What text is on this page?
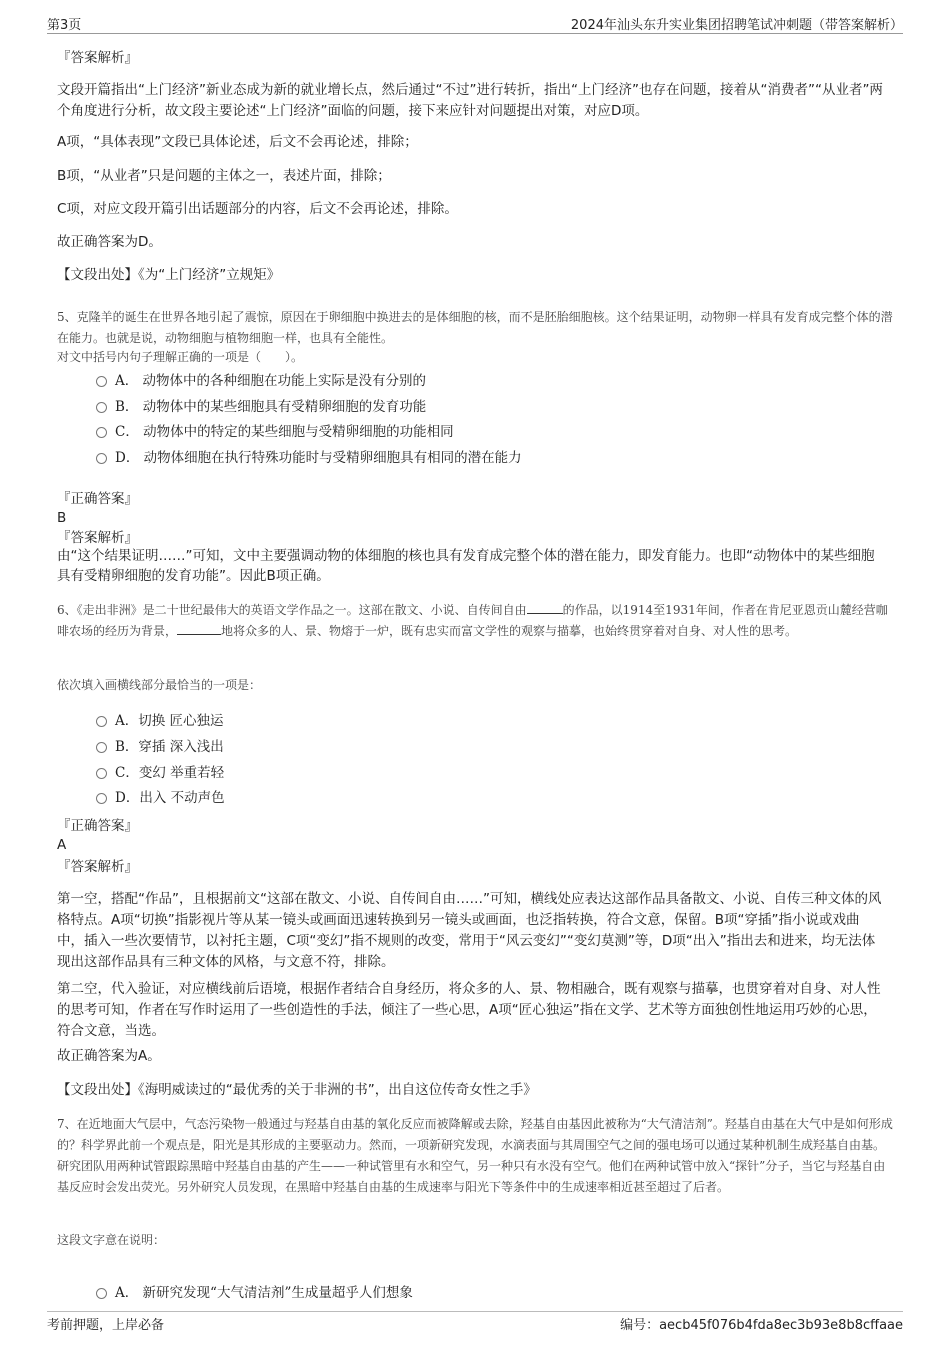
第3页	2024年汕头东升实业集团招聘笔试冲刺题（带答案解析）
『答案解析』
文段开篇指出“上门经济”新业态成为新的就业增长点，然后通过“不过”进行转折，指出“上门经济”也存在问题，接着从“消费者”“从业者”两个角度进行分析，故文段主要论述“上门经济”面临的问题，接下来应针对问题提出对策，对应D项。
A项，“具体表现”文段已具体论述，后文不会再论述，排除；
B项，“从业者”只是问题的主体之一，表述片面，排除；
C项，对应文段开篇引出话题部分的内容，后文不会再论述，排除。
故正确答案为D。
【文段出处】《为“上门经济”立规矩》
5、克隆羊的诞生在世界各地引起了震惊，原因在于卵细胞中换进去的是体细胞的核，而不是胚胎细胞核。这个结果证明，动物卵一样具有发育成完整个体的潜在能力。也就是说，动物细胞与植物细胞一样，也具有全能性。
对文中括号内句子理解正确的一项是（　　）。
A． 动物体中的各种细胞在功能上实际是没有分别的
B． 动物体中的某些细胞具有受精卵细胞的发育功能
C． 动物体中的特定的某些细胞与受精卵细胞的功能相同
D． 动物体细胞在执行特殊功能时与受精卵细胞具有相同的潜在能力
『正确答案』
B
『答案解析』
由“这个结果证明……”可知，文中主要强调动物的体细胞的核也具有发育成完整个体的潜在能力，即发育能力。也即“动物体中的某些细胞具有受精卵细胞的发育功能”。因此B项正确。
6、《走出非洲》是二十世纪最伟大的英语文学作品之一。这部在散文、小说、自传间自由	的作品，以1914至1931年间，作者在肯尼亚恩贡山麓经营咖啡农场的经历为背景，	地将众多的人、景、物熔于一炉，既有忠实而富文学性的观察与描摹，也始终贯穿着对自身、对人性的思考。
依次填入画横线部分最恰当的一项是：
A．切换 匠心独运
B．穿插 深入浅出
C．变幻 举重若轻
D．出入 不动声色
『正确答案』
A
『答案解析』
第一空，搭配“作品”，且根据前文“这部在散文、小说、自传间自由……”可知，横线处应表达这部作品具备散文、小说、自传三种文体的风格特点。A项“切换”指影视片等从某一镜头或画面迅速转换到另一镜头或画面，也泛指转换，符合文意，保留。B项“穿插”指小说或戏曲中，插入一些次要情节，以衬托主题，C项“变幻”指不规则的改变，常用于“风云变幻”“变幻莫测”等，D项“出入”指出去和进来，均无法体现出这部作品具有三种文体的风格，与文意不符，排除。
第二空，代入验证，对应横线前后语境，根据作者结合自身经历，将众多的人、景、物相融合，既有观察与描摹，也贯穿着对自身、对人性的思考可知，作者在写作时运用了一些创造性的手法，倾注了一些心思，A项“匠心独运”指在文学、艺术等方面独创性地运用巧妙的心思，符合文意，当选。
故正确答案为A。
【文段出处】《海明威读过的“最优秀的关于非洲的书”，出自这位传奇女性之手》
7、在近地面大气层中，气态污染物一般通过与羟基自由基的氧化反应而被降解或去除，羟基自由基因此被称为“大气清洁剂”。羟基自由基在大气中是如何形成的？科学界此前一个观点是，阳光是其形成的主要驱动力。然而，一项新研究发现，水滴表面与其周围空气之间的强电场可以通过某种机制生成羟基自由基。研究团队用两种试管跟踪黑暗中羟基自由基的产生——一种试管里有水和空气，另一种只有水没有空气。他们在两种试管中放入“探针”分子，当它与羟基自由基反应时会发出荧光。另外研究人员发现，在黑暗中羟基自由基的生成速率与阳光下等条件中的生成速率相近甚至超过了后者。
这段文字意在说明：
A． 新研究发现“大气清洁剂”生成量超乎人们想象
考前押题，上岸必备	编号：aecb45f076b4fda8ec3b93e8b8cffaae
